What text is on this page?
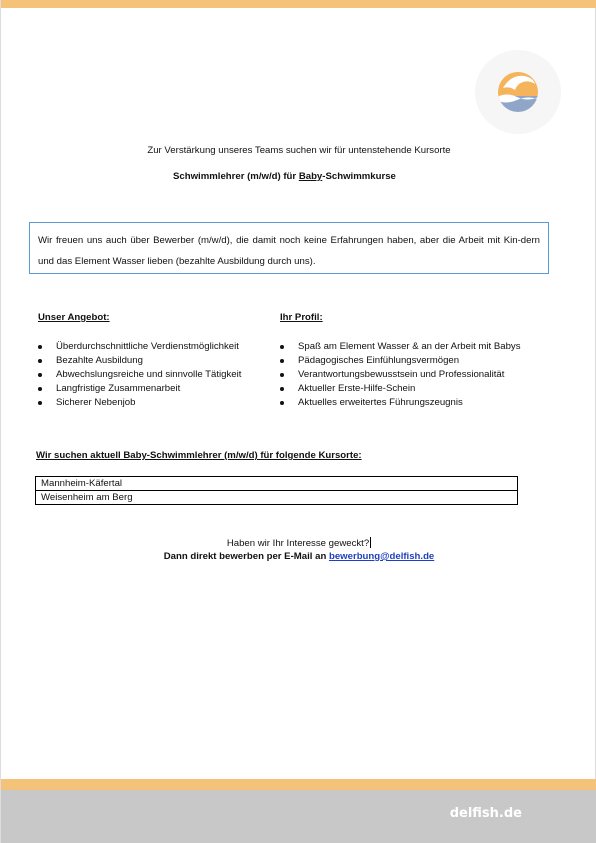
Zur Verstärkung unseres Teams suchen wir für untenstehende Kursorte
Schwimmlehrer (m/w/d) für Baby-Schwimmkurse
Wir freuen uns auch über Bewerber (m/w/d), die damit noch keine Erfahrungen haben, aber die Arbeit mit Kin-dern und das Element Wasser lieben (bezahlte Ausbildung durch uns).
Unser Angebot:
Überdurchschnittliche Verdienstmöglichkeit
Bezahlte Ausbildung
Abwechslungsreiche und sinnvolle Tätigkeit
Langfristige Zusammenarbeit
Sicherer Nebenjob
Ihr Profil:
Spaß am Element Wasser & an der Arbeit mit Babys
Pädagogisches Einfühlungsvermögen
Verantwortungsbewusstsein und Professionalität
Aktueller Erste-Hilfe-Schein
Aktuelles erweitertes Führungszeugnis
Wir suchen aktuell Baby-Schwimmlehrer (m/w/d) für folgende Kursorte:
Mannheim-Käfertal
Weisenheim am Berg
Haben wir Ihr Interesse geweckt?
Dann direkt bewerben per E-Mail an bewerbung@delfish.de
delfish.de
